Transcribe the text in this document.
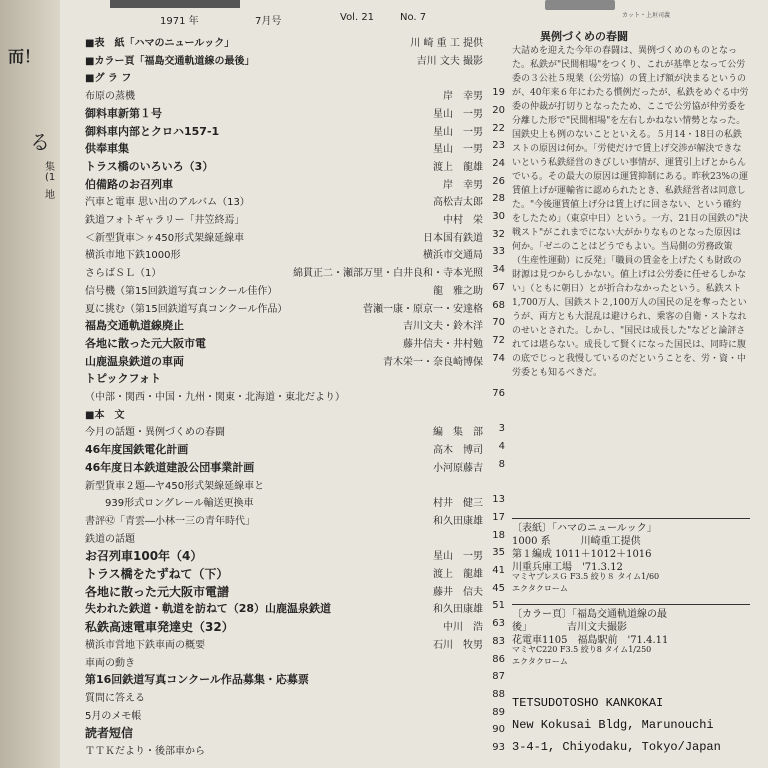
而！
る
集
(1
地
1971 年	7月号	Vol. 21	No. 7
■表　紙「ハマのニュールック」	川 崎 重 工 提供
■カラー頁「福島交通軌道線の最後」	吉川 文夫 撮影
■グ ラ フ
布原の蒸機	岸　幸男 19
御料車新第１号	星山　一男 20
御料車内部とクロハ157-1	星山　一男 22
供奉車集	星山　一男 23
トラス橋のいろいろ（3）	渡上　龍雄 24
伯備路のお召列車	岸　幸男 26
汽車と電車 思い出のアルバム（13）	高松吉太郎 28
鉄道フォトギャラリー「井笠終焉」	中村　栄 30
＜新型貨車＞ヶ450形式架線延線車	日本国有鉄道 32
横浜市地下鉄1000形	横浜市交通局 33
さらばＳＬ（1）	綿貫正二・瀬部万里・白井良和・寺本光照 34
信号機（第15回鉄道写真コンクール佳作）	龍　雅之助 67
夏に挑む（第15回鉄道写真コンクール作品）	菅瀬一康・原京一・安達格 68
福島交通軌道線廃止	吉川文夫・鈴木洋 70
各地に散った元大阪市電	藤井信夫・井村勉 72
山鹿温泉鉄道の車両	青木栄一・奈良崎博保 74
トピックフォト
（中部・関西・中国・九州・関東・北海道・東北だより）	76
■本　文
今月の話題・異例づくめの春闘	編　集　部 3
46年度国鉄電化計画	高木　博司 4
46年度日本鉄道建設公団事業計画	小河原藤吉 8
新型貨車２題―ヤ450形式架線延線車と
　　939形式ロングレール輸送更換車	村井　健三 13
書評㊷「青雲―小林一三の青年時代」	和久田康雄 17
鉄道の話題	18
お召列車100年（4）	星山　一男 35
トラス橋をたずねて（下）	渡上　龍雄 41
各地に散った元大阪市電譜	藤井　信夫 45
失われた鉄道・軌道を訪ねて（28）山鹿温泉鉄道	和久田康雄 51
私鉄高速電車発達史（32）	中川　浩 63
横浜市営地下鉄車両の概要	石川　牧男 83
車両の動き	86
第16回鉄道写真コンクール作品募集・応募票	87
質問に答える	88
5月のメモ帳	89
読者短信	90
ＴＴＫだより・後部車から	93
カット・上垣司義
異例づくめの春闘
大詰めを迎えた今年の春闘は、異例づくめのものとなった。私鉄が"民間相場"をつくり、これが基準となって公労委の３公社５現業（公労協）の賃上げ額が決まるというのが、40年来６年にわたる慣例だったが、私鉄をめぐる中労委の仲裁が打切りとなったため、ここで公労協が仲労委を分離した形で"民間相場"を左右しかねない情勢となった。国鉄史上も例のないことといえる。５月14・18日の私鉄ストの原因は何か。「労使だけで賃上げ交渉が解決できないという私鉄経営のきびしい事情が、運賃引上げとからんでいる。その最大の原因は運賃抑制にある。昨秋23%の運賃値上げが運輸省に認められたとき、私鉄経営者は同意した。"今後運賃値上げ分は賃上げに回さない、という確約をしたため」（東京中日）という。一方、21日の国鉄の"決戦スト"がこれまでにない大がかりなものとなった原因は何か。「ゼニのことはどうでもよい。当局側の労務政策（生産性運動）に反発」「職員の賃金を上げたくも財政の財源は見つからしかない。値上げは公労委に任せるしかない」（ともに朝日）とが折合わなかったという。私鉄スト1,700万人、国鉄スト２,100万人の国民の足を奪ったというが、両方とも大混乱は避けられ、乗客の自衛・ストなれのせいとされた。しかし、"国民は成長した"などと論評されては堪らない。成長して賢くになった国民は、同時に腹の底でじっと我慢しているのだということを、労・資・中労委とも知るべきだ。
〔表紙〕「ハマのニュールック」
1000 系　　　川崎重工提供
第１編成 1011＋1012＋1016
川重兵庫工場　'71.3.12
マミヤプレスＧ F3.5 絞り８ タイム1/60
エクタクローム
〔カラー頁〕「福島交通軌道線の最
後」　　　　吉川文夫撮影
花電車1105　福島駅前　'71.4.11
マミヤC220 F3.5 絞り8 タイム1/250
エクタクローム
TETSUDOTOSHO KANKOKAI
New Kokusai Bldg, Marunouchi
3-4-1, Chiyodaku, Tokyo/Japan
